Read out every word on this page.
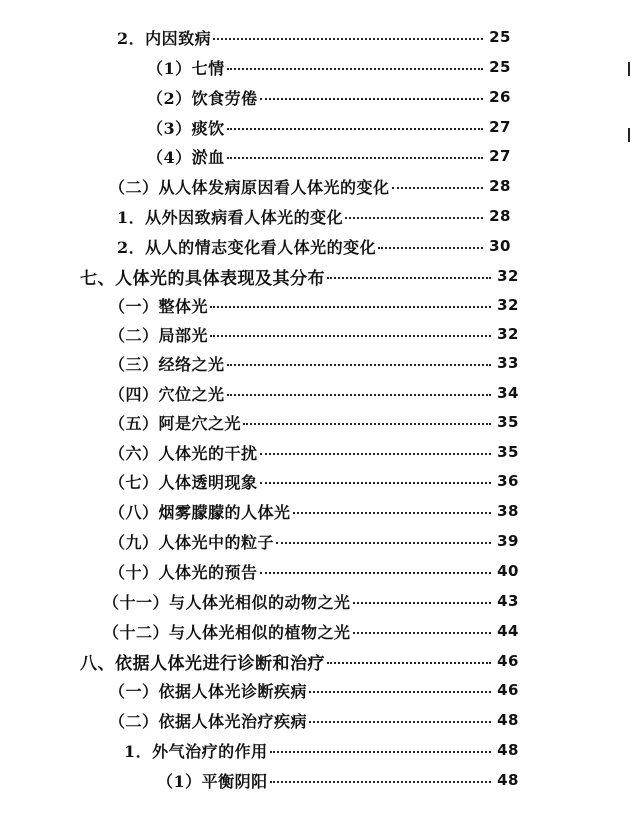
2．内因致病	25
（1）七情	25
（2）饮食劳倦	26
（3）痰饮	27
（4）淤血	27
（二）从人体发病原因看人体光的变化	28
1．从外因致病看人体光的变化	28
2．从人的情志变化看人体光的变化	30
七、人体光的具体表现及其分布	32
（一）整体光	32
（二）局部光	32
（三）经络之光	33
（四）穴位之光	34
（五）阿是穴之光	35
（六）人体光的干扰	35
（七）人体透明现象	36
（八）烟雾朦朦的人体光	38
（九）人体光中的粒子	39
（十）人体光的预告	40
（十一）与人体光相似的动物之光	43
（十二）与人体光相似的植物之光	44
八、依据人体光进行诊断和治疗	46
（一）依据人体光诊断疾病	46
（二）依据人体光治疗疾病	48
1．外气治疗的作用	48
（1）平衡阴阳	48
